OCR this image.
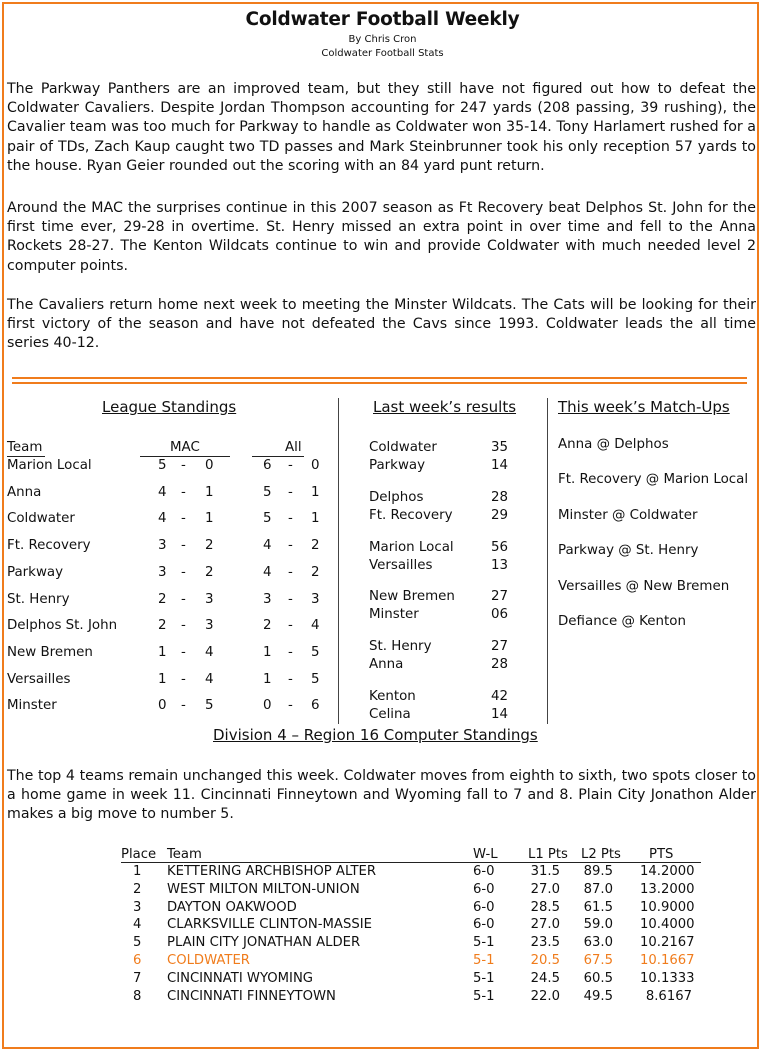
Coldwater Football Weekly
By Chris Cron
Coldwater Football Stats
The Parkway Panthers are an improved team, but they still have not figured out how to defeat the Coldwater Cavaliers. Despite Jordan Thompson accounting for 247 yards (208 passing, 39 rushing), the Cavalier team was too much for Parkway to handle as Coldwater won 35-14. Tony Harlamert rushed for a pair of TDs, Zach Kaup caught two TD passes and Mark Steinbrunner took his only reception 57 yards to the house. Ryan Geier rounded out the scoring with an 84 yard punt return.
Around the MAC the surprises continue in this 2007 season as Ft Recovery beat Delphos St. John for the first time ever, 29-28 in overtime. St. Henry missed an extra point in over time and fell to the Anna Rockets 28-27. The Kenton Wildcats continue to win and provide Coldwater with much needed level 2 computer points.
The Cavaliers return home next week to meeting the Minster Wildcats. The Cats will be looking for their first victory of the season and have not defeated the Cavs since 1993. Coldwater leads the all time series 40-12.
League Standings
Team	MAC	All
Marion Local	5 - 0	6 - 0
Anna	4 - 1	5 - 1
Coldwater	4 - 1	5 - 1
Ft. Recovery	3 - 2	4 - 2
Parkway	3 - 2	4 - 2
St. Henry	2 - 3	3 - 3
Delphos St. John	2 - 3	2 - 4
New Bremen	1 - 4	1 - 5
Versailles	1 - 4	1 - 5
Minster	0 - 5	0 - 6
Last week’s results
Coldwater	35
Parkway	14
Delphos	28
Ft. Recovery	29
Marion Local	56
Versailles	13
New Bremen	27
Minster	06
St. Henry	27
Anna	28
Kenton	42
Celina	14
This week’s Match-Ups
Anna @ Delphos
Ft. Recovery @ Marion Local
Minster @ Coldwater
Parkway @ St. Henry
Versailles @ New Bremen
Defiance @ Kenton
Division 4 – Region 16 Computer Standings
The top 4 teams remain unchanged this week. Coldwater moves from eighth to sixth, two spots closer to a home game in week 11. Cincinnati Finneytown and Wyoming fall to 7 and 8. Plain City Jonathon Alder makes a big move to number 5.
Place Team	W-L L1 Pts L2 Pts PTS
1 KETTERING ARCHBISHOP ALTER	6-0	31.5	89.5 14.2000
2 WEST MILTON MILTON-UNION	6-0	27.0	87.0 13.2000
3 DAYTON OAKWOOD	6-0	28.5	61.5 10.9000
4 CLARKSVILLE CLINTON-MASSIE	6-0	27.0	59.0 10.4000
5 PLAIN CITY JONATHAN ALDER	5-1	23.5	63.0 10.2167
6 COLDWATER	5-1	20.5	67.5 10.1667
7 CINCINNATI WYOMING	5-1	24.5	60.5 10.1333
8 CINCINNATI FINNEYTOWN	5-1	22.0	49.5	8.6167
